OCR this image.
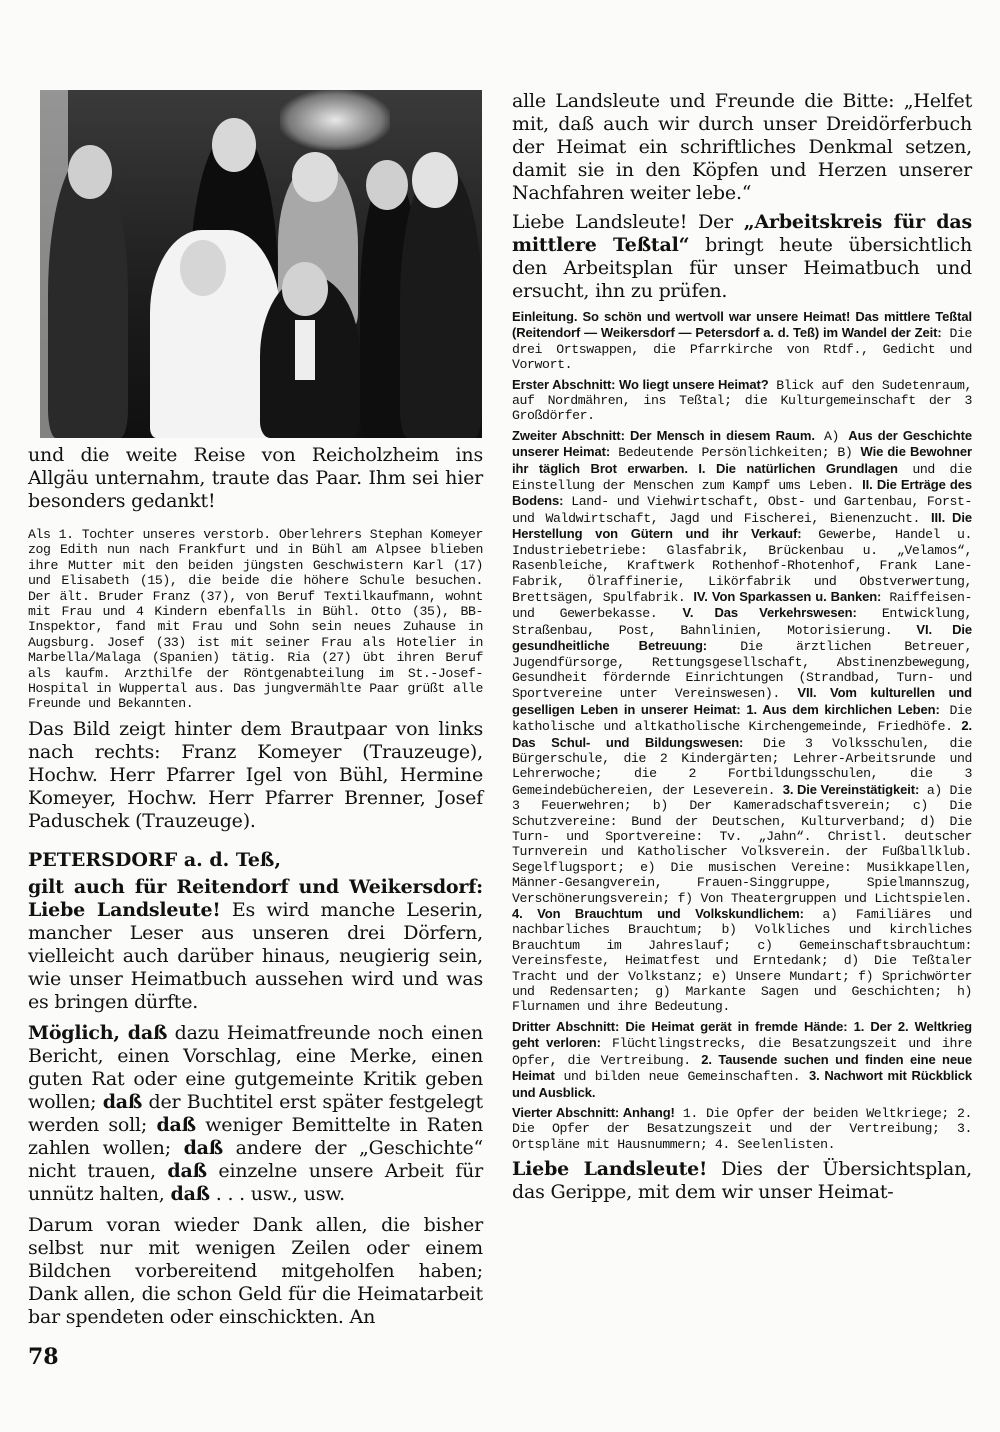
und die weite Reise von Reicholzheim ins Allgäu unternahm, traute das Paar. Ihm sei hier besonders gedankt!

Als 1. Tochter unseres verstorb. Oberlehrers Stephan Komeyer zog Edith nun nach Frankfurt und in Bühl am Alpsee blieben ihre Mutter mit den beiden jüngsten Geschwistern Karl (17) und Elisabeth (15), die beide die höhere Schule besuchen. Der ält. Bruder Franz (37), von Beruf Textilkaufmann, wohnt mit Frau und 4 Kindern ebenfalls in Bühl. Otto (35), BB-Inspektor, fand mit Frau und Sohn sein neues Zuhause in Augsburg. Josef (33) ist mit seiner Frau als Hotelier in Marbella/Malaga (Spanien) tätig. Ria (27) übt ihren Beruf als kaufm. Arzthilfe der Röntgenabteilung im St.-Josef-Hospital in Wuppertal aus. Das jungvermählte Paar grüßt alle Freunde und Bekannten.

Das Bild zeigt hinter dem Brautpaar von links nach rechts: Franz Komeyer (Trauzeuge), Hochw. Herr Pfarrer Igel von Bühl, Hermine Komeyer, Hochw. Herr Pfarrer Brenner, Josef Paduschek (Trauzeuge).

PETERSDORF a. d. Teß,

gilt auch für Reitendorf und Weikersdorf: Liebe Landsleute! Es wird manche Leserin, mancher Leser aus unseren drei Dörfern, vielleicht auch darüber hinaus, neugierig sein, wie unser Heimatbuch aussehen wird und was es bringen dürfte.

Möglich, daß dazu Heimatfreunde noch einen Bericht, einen Vorschlag, eine Merke, einen guten Rat oder eine gutgemeinte Kritik geben wollen; daß der Buchtitel erst später festgelegt werden soll; daß weniger Bemittelte in Raten zahlen wollen; daß andere der „Geschichte“ nicht trauen, daß einzelne unsere Arbeit für unnütz halten, daß . . . usw., usw.

Darum voran wieder Dank allen, die bisher selbst nur mit wenigen Zeilen oder einem Bildchen vorbereitend mitgeholfen haben; Dank allen, die schon Geld für die Heimatarbeit bar spendeten oder einschickten. An

alle Landsleute und Freunde die Bitte: „Helfet mit, daß auch wir durch unser Dreidörferbuch der Heimat ein schriftliches Denkmal setzen, damit sie in den Köpfen und Herzen unserer Nachfahren weiter lebe.“

Liebe Landsleute! Der „Arbeitskreis für das mittlere Teßtal“ bringt heute übersichtlich den Arbeitsplan für unser Heimatbuch und ersucht, ihn zu prüfen.

Einleitung. So schön und wertvoll war unsere Heimat! Das mittlere Teßtal (Reitendorf — Weikersdorf — Petersdorf a. d. Teß) im Wandel der Zeit: Die drei Ortswappen, die Pfarrkirche von Rtdf., Gedicht und Vorwort.

Erster Abschnitt: Wo liegt unsere Heimat? Blick auf den Sudetenraum, auf Nordmähren, ins Teßtal; die Kulturgemeinschaft der 3 Großdörfer.

Zweiter Abschnitt: Der Mensch in diesem Raum. A) Aus der Geschichte unserer Heimat: Bedeutende Persönlichkeiten; B) Wie die Bewohner ihr täglich Brot erwarben. I. Die natürlichen Grundlagen und die Einstellung der Menschen zum Kampf ums Leben. II. Die Erträge des Bodens: Land- und Viehwirtschaft, Obst- und Gartenbau, Forst- und Waldwirtschaft, Jagd und Fischerei, Bienenzucht. III. Die Herstellung von Gütern und ihr Verkauf: Gewerbe, Handel u. Industriebetriebe: Glasfabrik, Brückenbau u. „Velamos“, Rasenbleiche, Kraftwerk Rothenhof-Rhotenhof, Frank Lane-Fabrik, Ölraffinerie, Likörfabrik und Obstverwertung, Brettsägen, Spulfabrik. IV. Von Sparkassen u. Banken: Raiffeisen- und Gewerbekasse. V. Das Verkehrswesen: Entwicklung, Straßenbau, Post, Bahnlinien, Motorisierung. VI. Die gesundheitliche Betreuung: Die ärztlichen Betreuer, Jugendfürsorge, Rettungsgesellschaft, Abstinenzbewegung, Gesundheit fördernde Einrichtungen (Strandbad, Turn- und Sportvereine unter Vereinswesen). VII. Vom kulturellen und geselligen Leben in unserer Heimat: 1. Aus dem kirchlichen Leben: Die katholische und altkatholische Kirchengemeinde, Friedhöfe. 2. Das Schul- und Bildungswesen: Die 3 Volksschulen, die Bürgerschule, die 2 Kindergärten; Lehrer-Arbeitsrunde und Lehrerwoche; die 2 Fortbildungsschulen, die 3 Gemeindebüchereien, der Leseverein. 3. Die Vereinstätigkeit: a) Die 3 Feuerwehren; b) Der Kameradschaftsverein; c) Die Schutzvereine: Bund der Deutschen, Kulturverband; d) Die Turn- und Sportvereine: Tv. „Jahn“. Christl. deutscher Turnverein und Katholischer Volksverein. der Fußballklub. Segelflugsport; e) Die musischen Vereine: Musikkapellen, Männer-Gesangverein, Frauen-Singgruppe, Spielmannszug, Verschönerungsverein; f) Von Theatergruppen und Lichtspielen. 4. Von Brauchtum und Volkskundlichem: a) Familiäres und nachbarliches Brauchtum; b) Volkliches und kirchliches Brauchtum im Jahreslauf; c) Gemeinschaftsbrauchtum: Vereinsfeste, Heimatfest und Erntedank; d) Die Teßtaler Tracht und der Volkstanz; e) Unsere Mundart; f) Sprichwörter und Redensarten; g) Markante Sagen und Geschichten; h) Flurnamen und ihre Bedeutung.

Dritter Abschnitt: Die Heimat gerät in fremde Hände: 1. Der 2. Weltkrieg geht verloren: Flüchtlingstrecks, die Besatzungszeit und ihre Opfer, die Vertreibung. 2. Tausende suchen und finden eine neue Heimat und bilden neue Gemeinschaften. 3. Nachwort mit Rückblick und Ausblick.

Vierter Abschnitt: Anhang! 1. Die Opfer der beiden Weltkriege; 2. Die Opfer der Besatzungszeit und der Vertreibung; 3. Ortspläne mit Hausnummern; 4. Seelenlisten.

Liebe Landsleute! Dies der Übersichtsplan, das Gerippe, mit dem wir unser Heimat-

78
